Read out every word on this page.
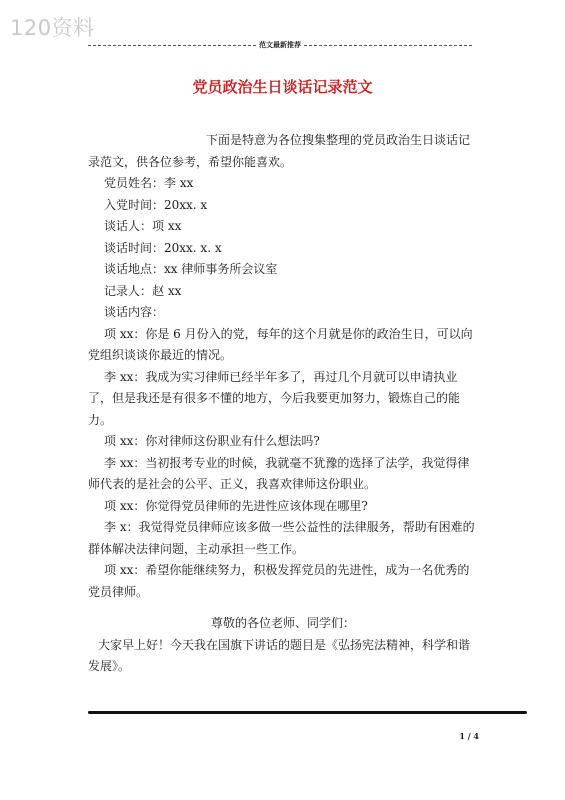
120资料
范文最新推荐
党员政治生日谈话记录范文

下面是特意为各位搜集整理的党员政治生日谈话记录范文，供各位参考，希望你能喜欢。

党员姓名：李 xx

入党时间：20xx. x

谈话人：项 xx

谈话时间：20xx. x. x

谈话地点：xx 律师事务所会议室

记录人：赵 xx

谈话内容：

项 xx：你是 6 月份入的党，每年的这个月就是你的政治生日，可以向党组织谈谈你最近的情况。

李 xx：我成为实习律师已经半年多了，再过几个月就可以申请执业了，但是我还是有很多不懂的地方，今后我要更加努力，锻炼自己的能力。

项 xx：你对律师这份职业有什么想法吗?

李 xx：当初报考专业的时候，我就毫不犹豫的选择了法学，我觉得律师代表的是社会的公平、正义，我喜欢律师这份职业。

项 xx：你觉得党员律师的先进性应该体现在哪里?

李 x：我觉得党员律师应该多做一些公益性的法律服务，帮助有困难的群体解决法律问题，主动承担一些工作。

项 xx：希望你能继续努力，积极发挥党员的先进性，成为一名优秀的党员律师。

尊敬的各位老师、同学们：

大家早上好！今天我在国旗下讲话的题目是《弘扬宪法精神，科学和谐发展》。

1 / 4
